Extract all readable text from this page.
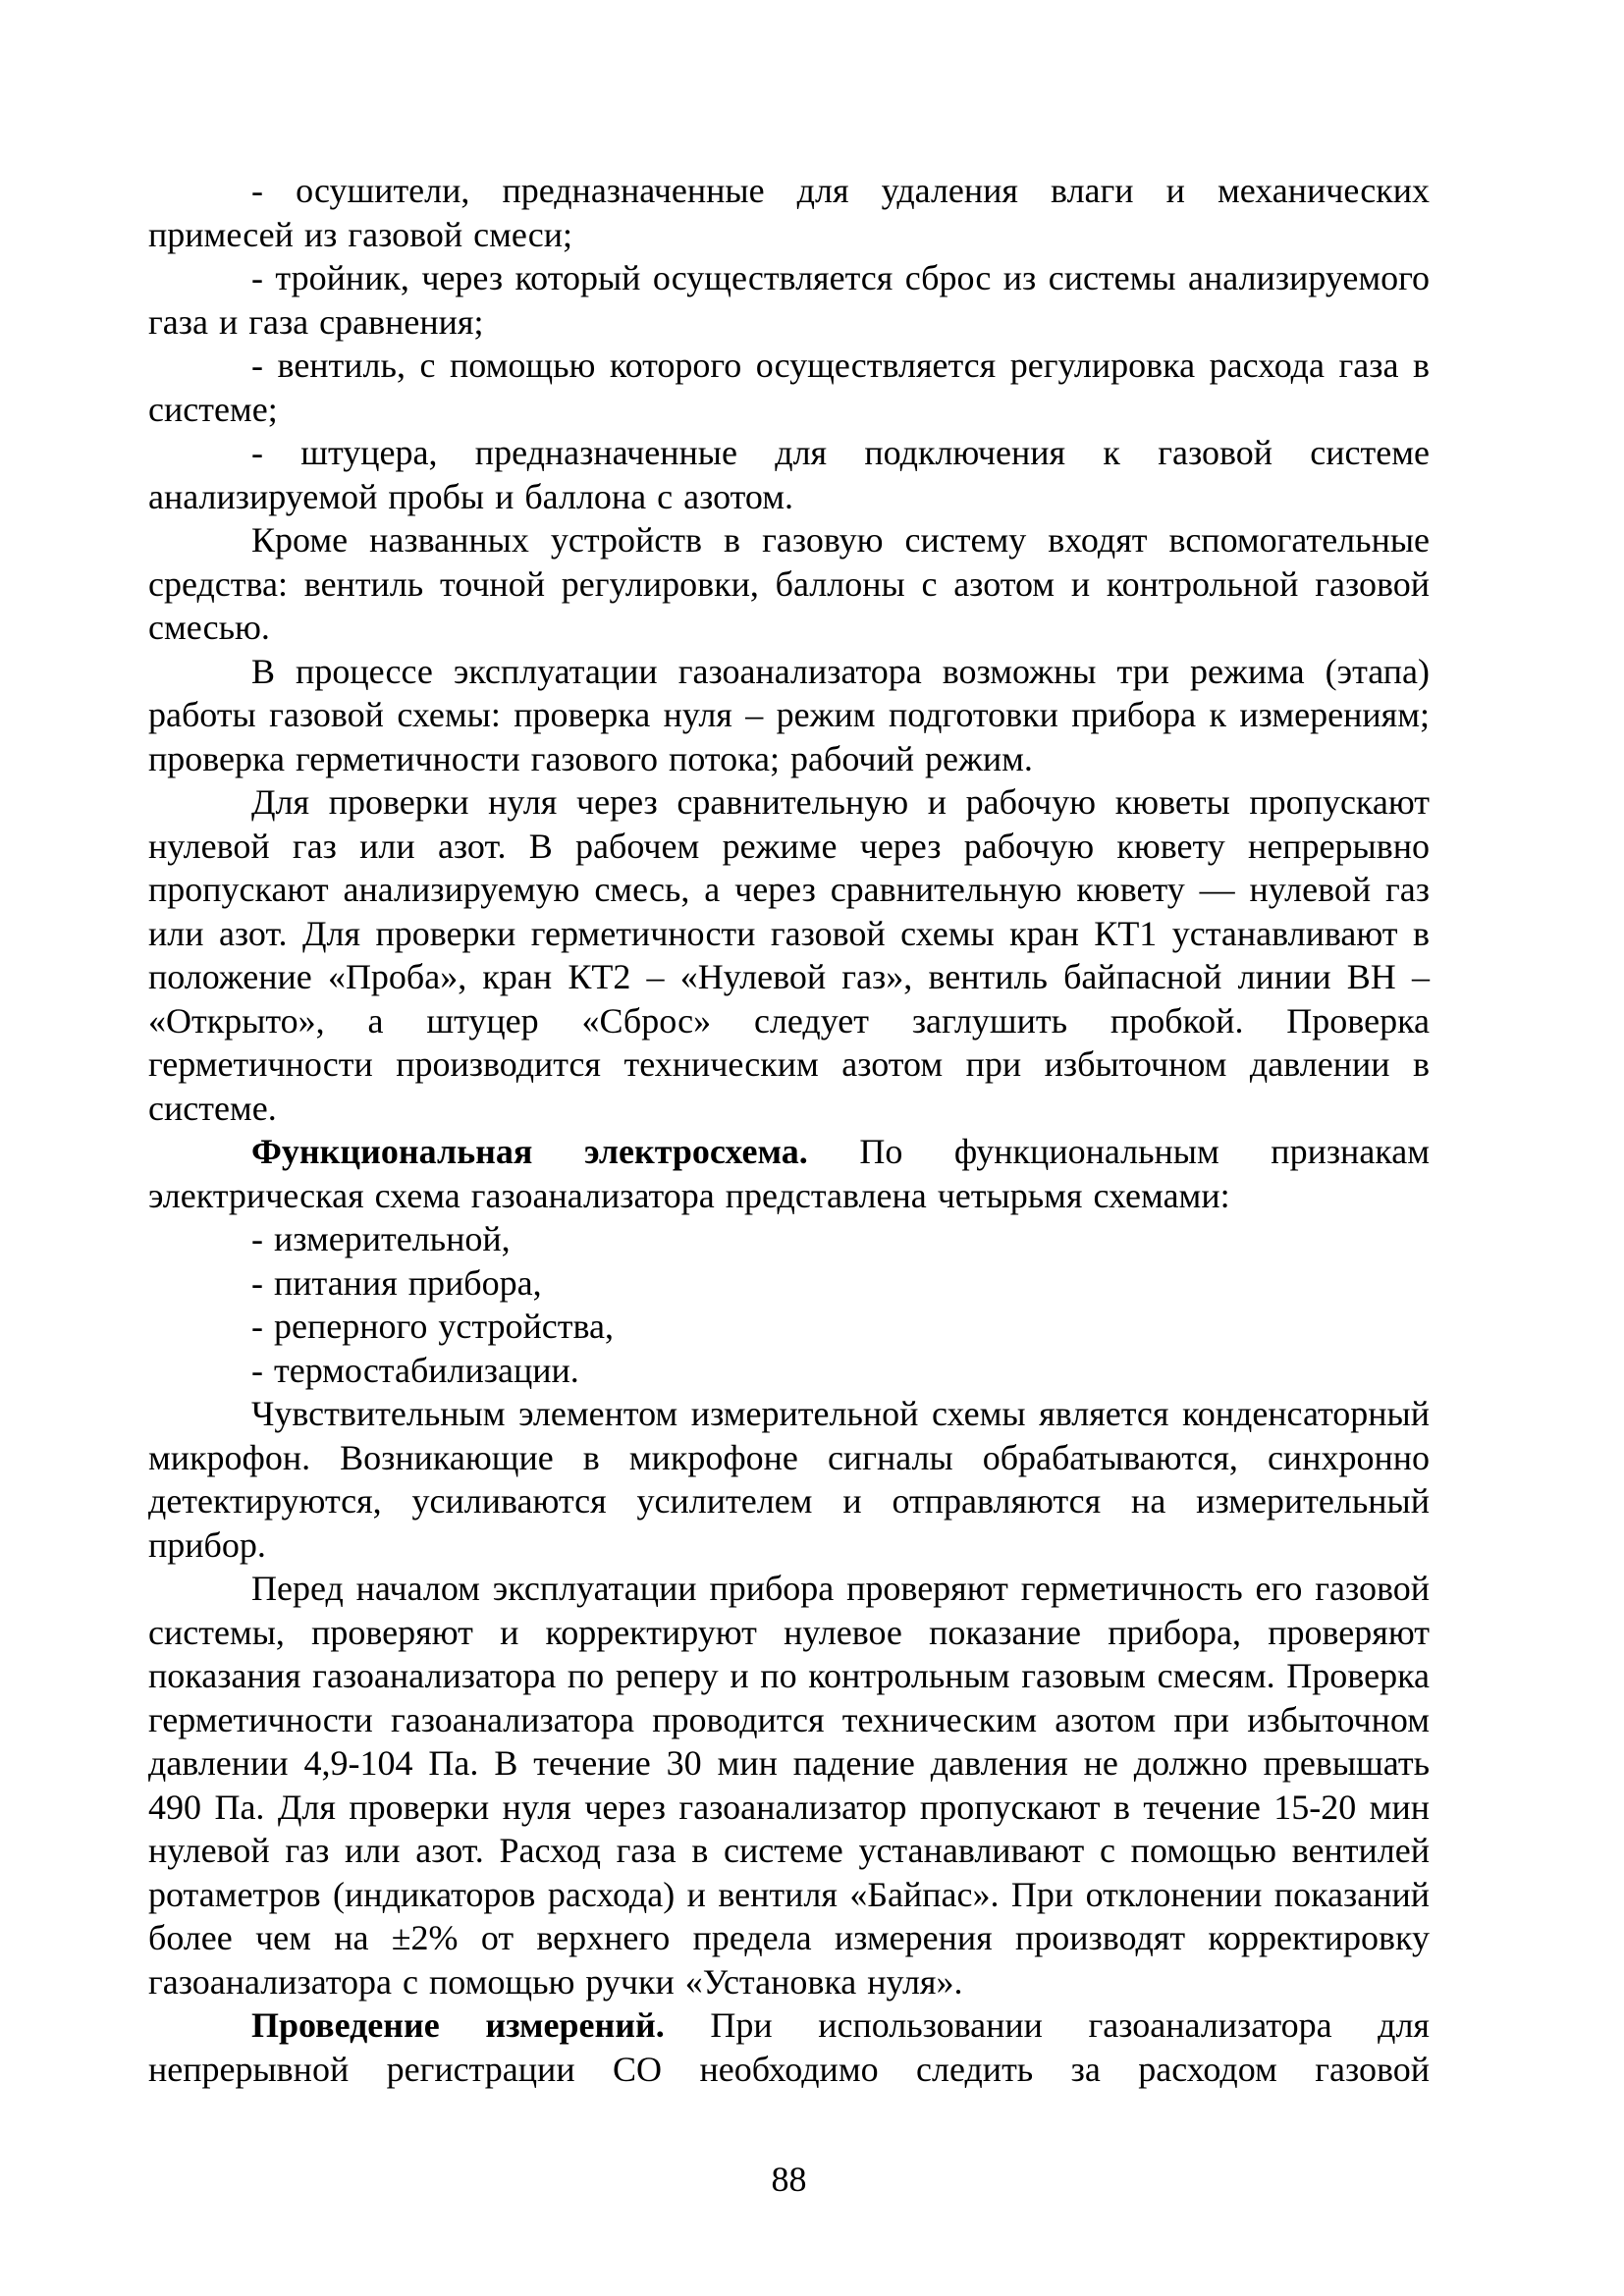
- осушители, предназначенные для удаления влаги и механических примесей из газовой смеси;

- тройник, через который осуществляется сброс из системы анализируемого газа и газа сравнения;

- вентиль, с помощью которого осуществляется регулировка расхода газа в системе;

- штуцера, предназначенные для подключения к газовой системе анализируемой пробы и баллона с азотом.

Кроме названных устройств в газовую систему входят вспомогательные средства: вентиль точной регулировки, баллоны с азотом и контрольной газовой смесью.

В процессе эксплуатации газоанализатора возможны три режима (этапа) работы газовой схемы: проверка нуля – режим подготовки прибора к измерениям; проверка герметичности газового потока; рабочий режим.

Для проверки нуля через сравнительную и рабочую кюветы пропускают нулевой газ или азот. В рабочем режиме через рабочую кювету непрерывно пропускают анализируемую смесь, а через сравнительную кювету — нулевой газ или азот. Для проверки герметичности газовой схемы кран КТ1 устанавливают в положение «Проба», кран КТ2 – «Нулевой газ», вентиль байпасной линии ВН – «Открыто», а штуцер «Сброс» следует заглушить пробкой. Проверка герметичности производится техническим азотом при избыточном давлении в системе.

Функциональная электросхема. По функциональным признакам электрическая схема газоанализатора представлена четырьмя схемами:

- измерительной,

- питания прибора,

- реперного устройства,

- термостабилизации.

Чувствительным элементом измерительной схемы является конденсаторный микрофон. Возникающие в микрофоне сигналы обрабатываются, синхронно детектируются, усиливаются усилителем и отправляются на измерительный прибор.

Перед началом эксплуатации прибора проверяют герметичность его газовой системы, проверяют и корректируют нулевое показание прибора, проверяют показания газоанализатора по реперу и по контрольным газовым смесям. Проверка герметичности газоанализатора проводится техническим азотом при избыточном давлении 4,9-104 Па. В течение 30 мин падение давления не должно превышать 490 Па. Для проверки нуля через газоанализатор пропускают в течение 15-20 мин нулевой газ или азот. Расход газа в системе устанавливают с помощью вентилей ротаметров (индикаторов расхода) и вентиля «Байпас». При отклонении показаний более чем на ±2% от верхнего предела измерения производят корректировку газоанализатора с помощью ручки «Установка нуля».

Проведение измерений. При использовании газоанализатора для непрерывной регистрации СО необходимо следить за расходом газовой

88
